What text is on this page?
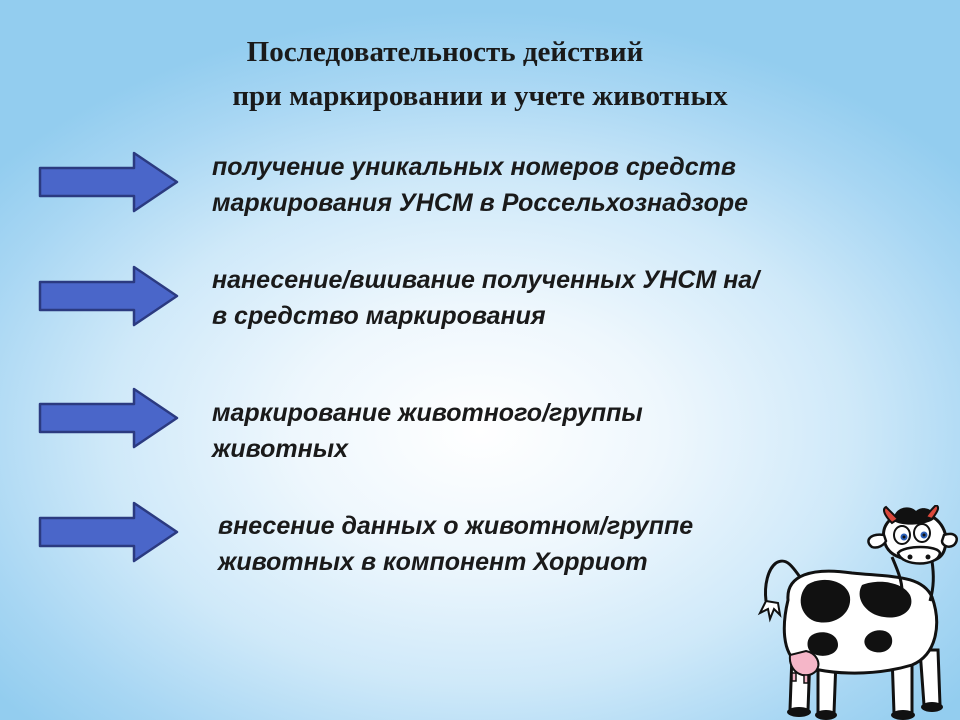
Последовательность действий
при маркировании и учете животных
получение уникальных номеров средств
маркирования УНСМ в Россельхознадзоре
нанесение/вшивание полученных УНСМ на/
в средство маркирования
маркирование животного/группы
животных
внесение данных о животном/группе
животных в компонент Хорриот
